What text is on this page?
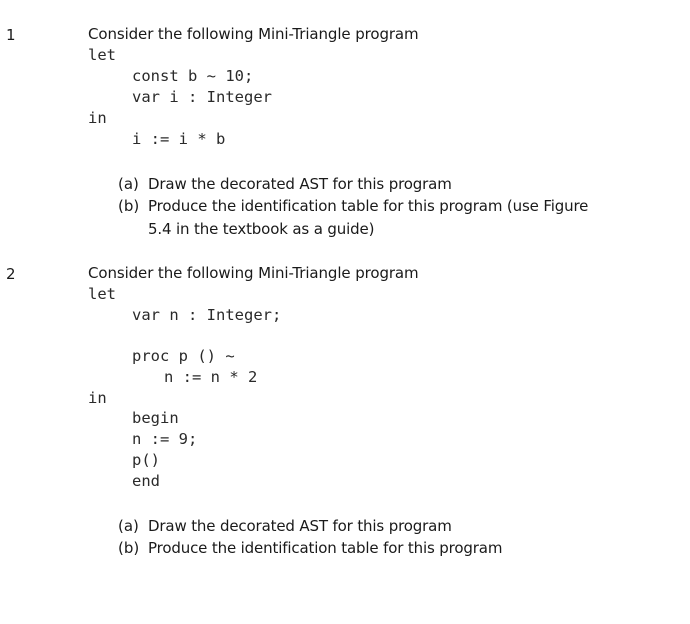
1	Consider the following Mini-Triangle program
let
const b ~ 10;
var i : Integer
in
i := i * b
(a) Draw the decorated AST for this program
(b) Produce the identification table for this program (use Figure
5.4 in the textbook as a guide)
2	Consider the following Mini-Triangle program
let
var n : Integer;
proc p () ~
n := n * 2
in
begin
n := 9;
p()
end
(a) Draw the decorated AST for this program
(b) Produce the identification table for this program
